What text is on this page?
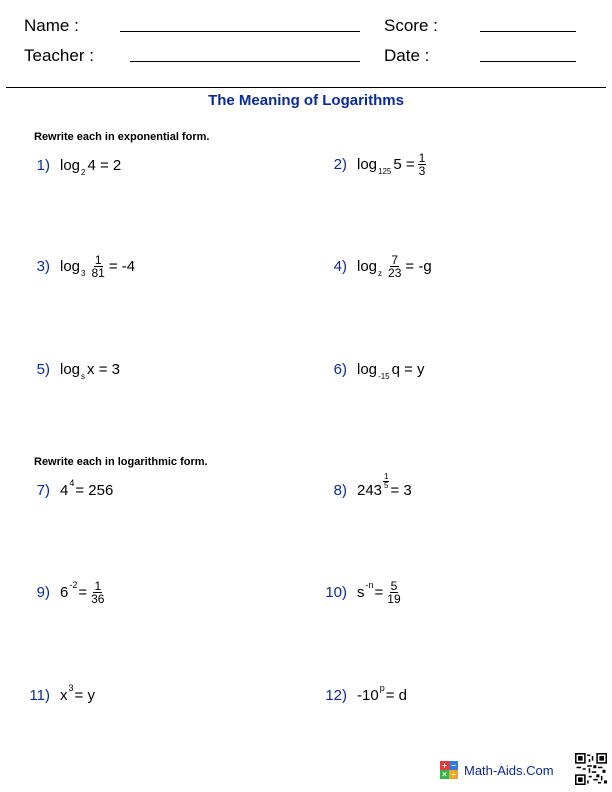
Name :	Score :
Teacher :	Date :
The Meaning of Logarithms
Rewrite each in exponential form.
1) log 2 4 = 2	2) log 125 $5 = \frac{1}{3}$
3) $\log 3 \frac{1}{81} = -4$	4) log z $\frac{7}{23} = -g$
5) log s x = 3	6) log -15 q = y
Rewrite each in logarithmic form.
7) 4 4 = 256	8) 243
$\frac{1}{5}$
= 3
9) 6 $-2 = \frac{1}{36}$	10) s $-n = \frac{5}{19}$
11) x 3 = y	12) -10 p = d
+ −
× ÷ Math-Aids.Com
